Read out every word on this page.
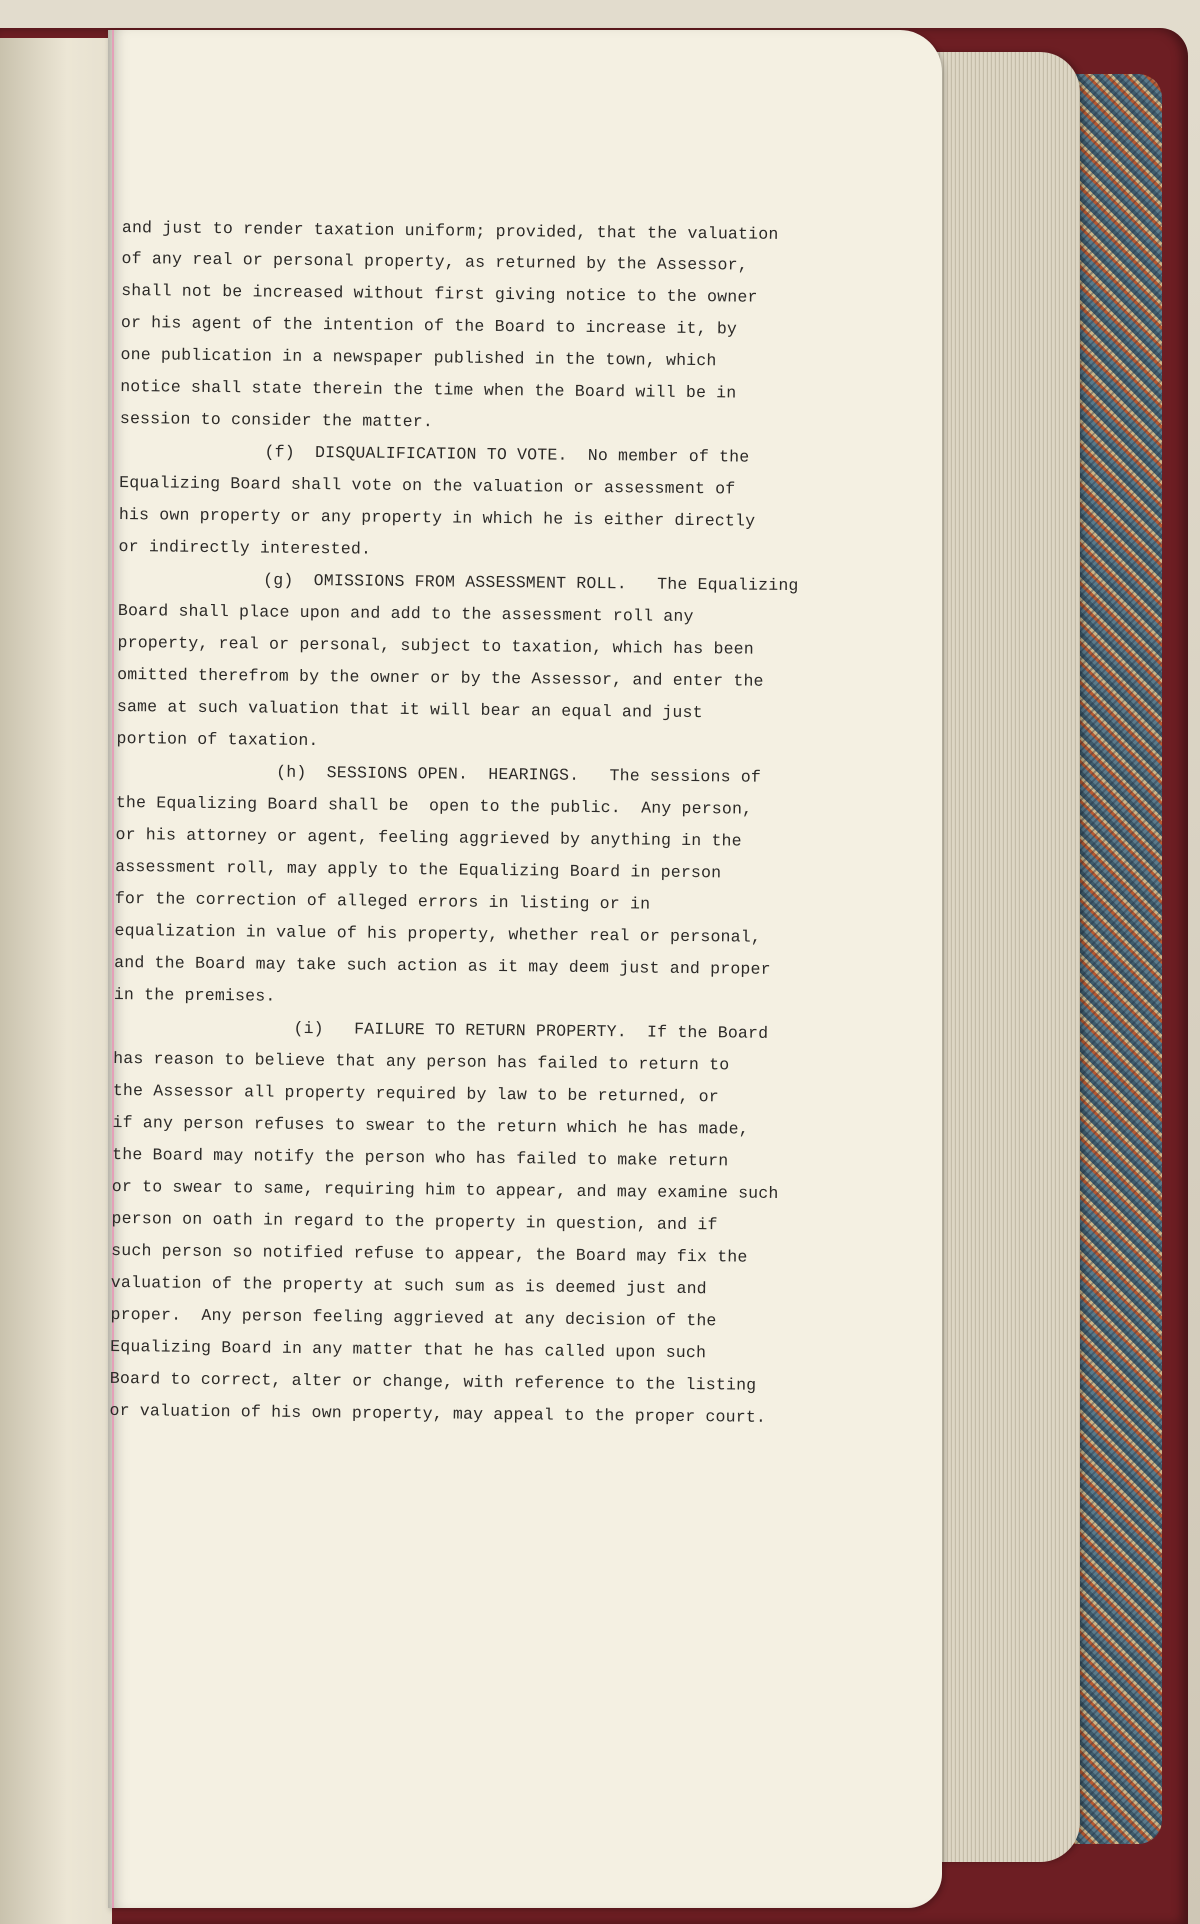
and just to render taxation uniform; provided, that the valuation
of any real or personal property, as returned by the Assessor,
shall not be increased without first giving notice to the owner
or his agent of the intention of the Board to increase it, by
one publication in a newspaper published in the town, which
notice shall state therein the time when the Board will be in
session to consider the matter.
(f)  DISQUALIFICATION TO VOTE.  No member of the
Equalizing Board shall vote on the valuation or assessment of
his own property or any property in which he is either directly
or indirectly interested.
(g)  OMISSIONS FROM ASSESSMENT ROLL.   The Equalizing
Board shall place upon and add to the assessment roll any
property, real or personal, subject to taxation, which has been
omitted therefrom by the owner or by the Assessor, and enter the
same at such valuation that it will bear an equal and just
portion of taxation.
(h)  SESSIONS OPEN.  HEARINGS.   The sessions of
the Equalizing Board shall be  open to the public.  Any person,
or his attorney or agent, feeling aggrieved by anything in the
assessment roll, may apply to the Equalizing Board in person
for the correction of alleged errors in listing or in
equalization in value of his property, whether real or personal,
and the Board may take such action as it may deem just and proper
in the premises.
(i)   FAILURE TO RETURN PROPERTY.  If the Board
has reason to believe that any person has failed to return to
the Assessor all property required by law to be returned, or
if any person refuses to swear to the return which he has made,
the Board may notify the person who has failed to make return
or to swear to same, requiring him to appear, and may examine such
person on oath in regard to the property in question, and if
such person so notified refuse to appear, the Board may fix the
valuation of the property at such sum as is deemed just and
proper.  Any person feeling aggrieved at any decision of the
Equalizing Board in any matter that he has called upon such
Board to correct, alter or change, with reference to the listing
or valuation of his own property, may appeal to the proper court.
